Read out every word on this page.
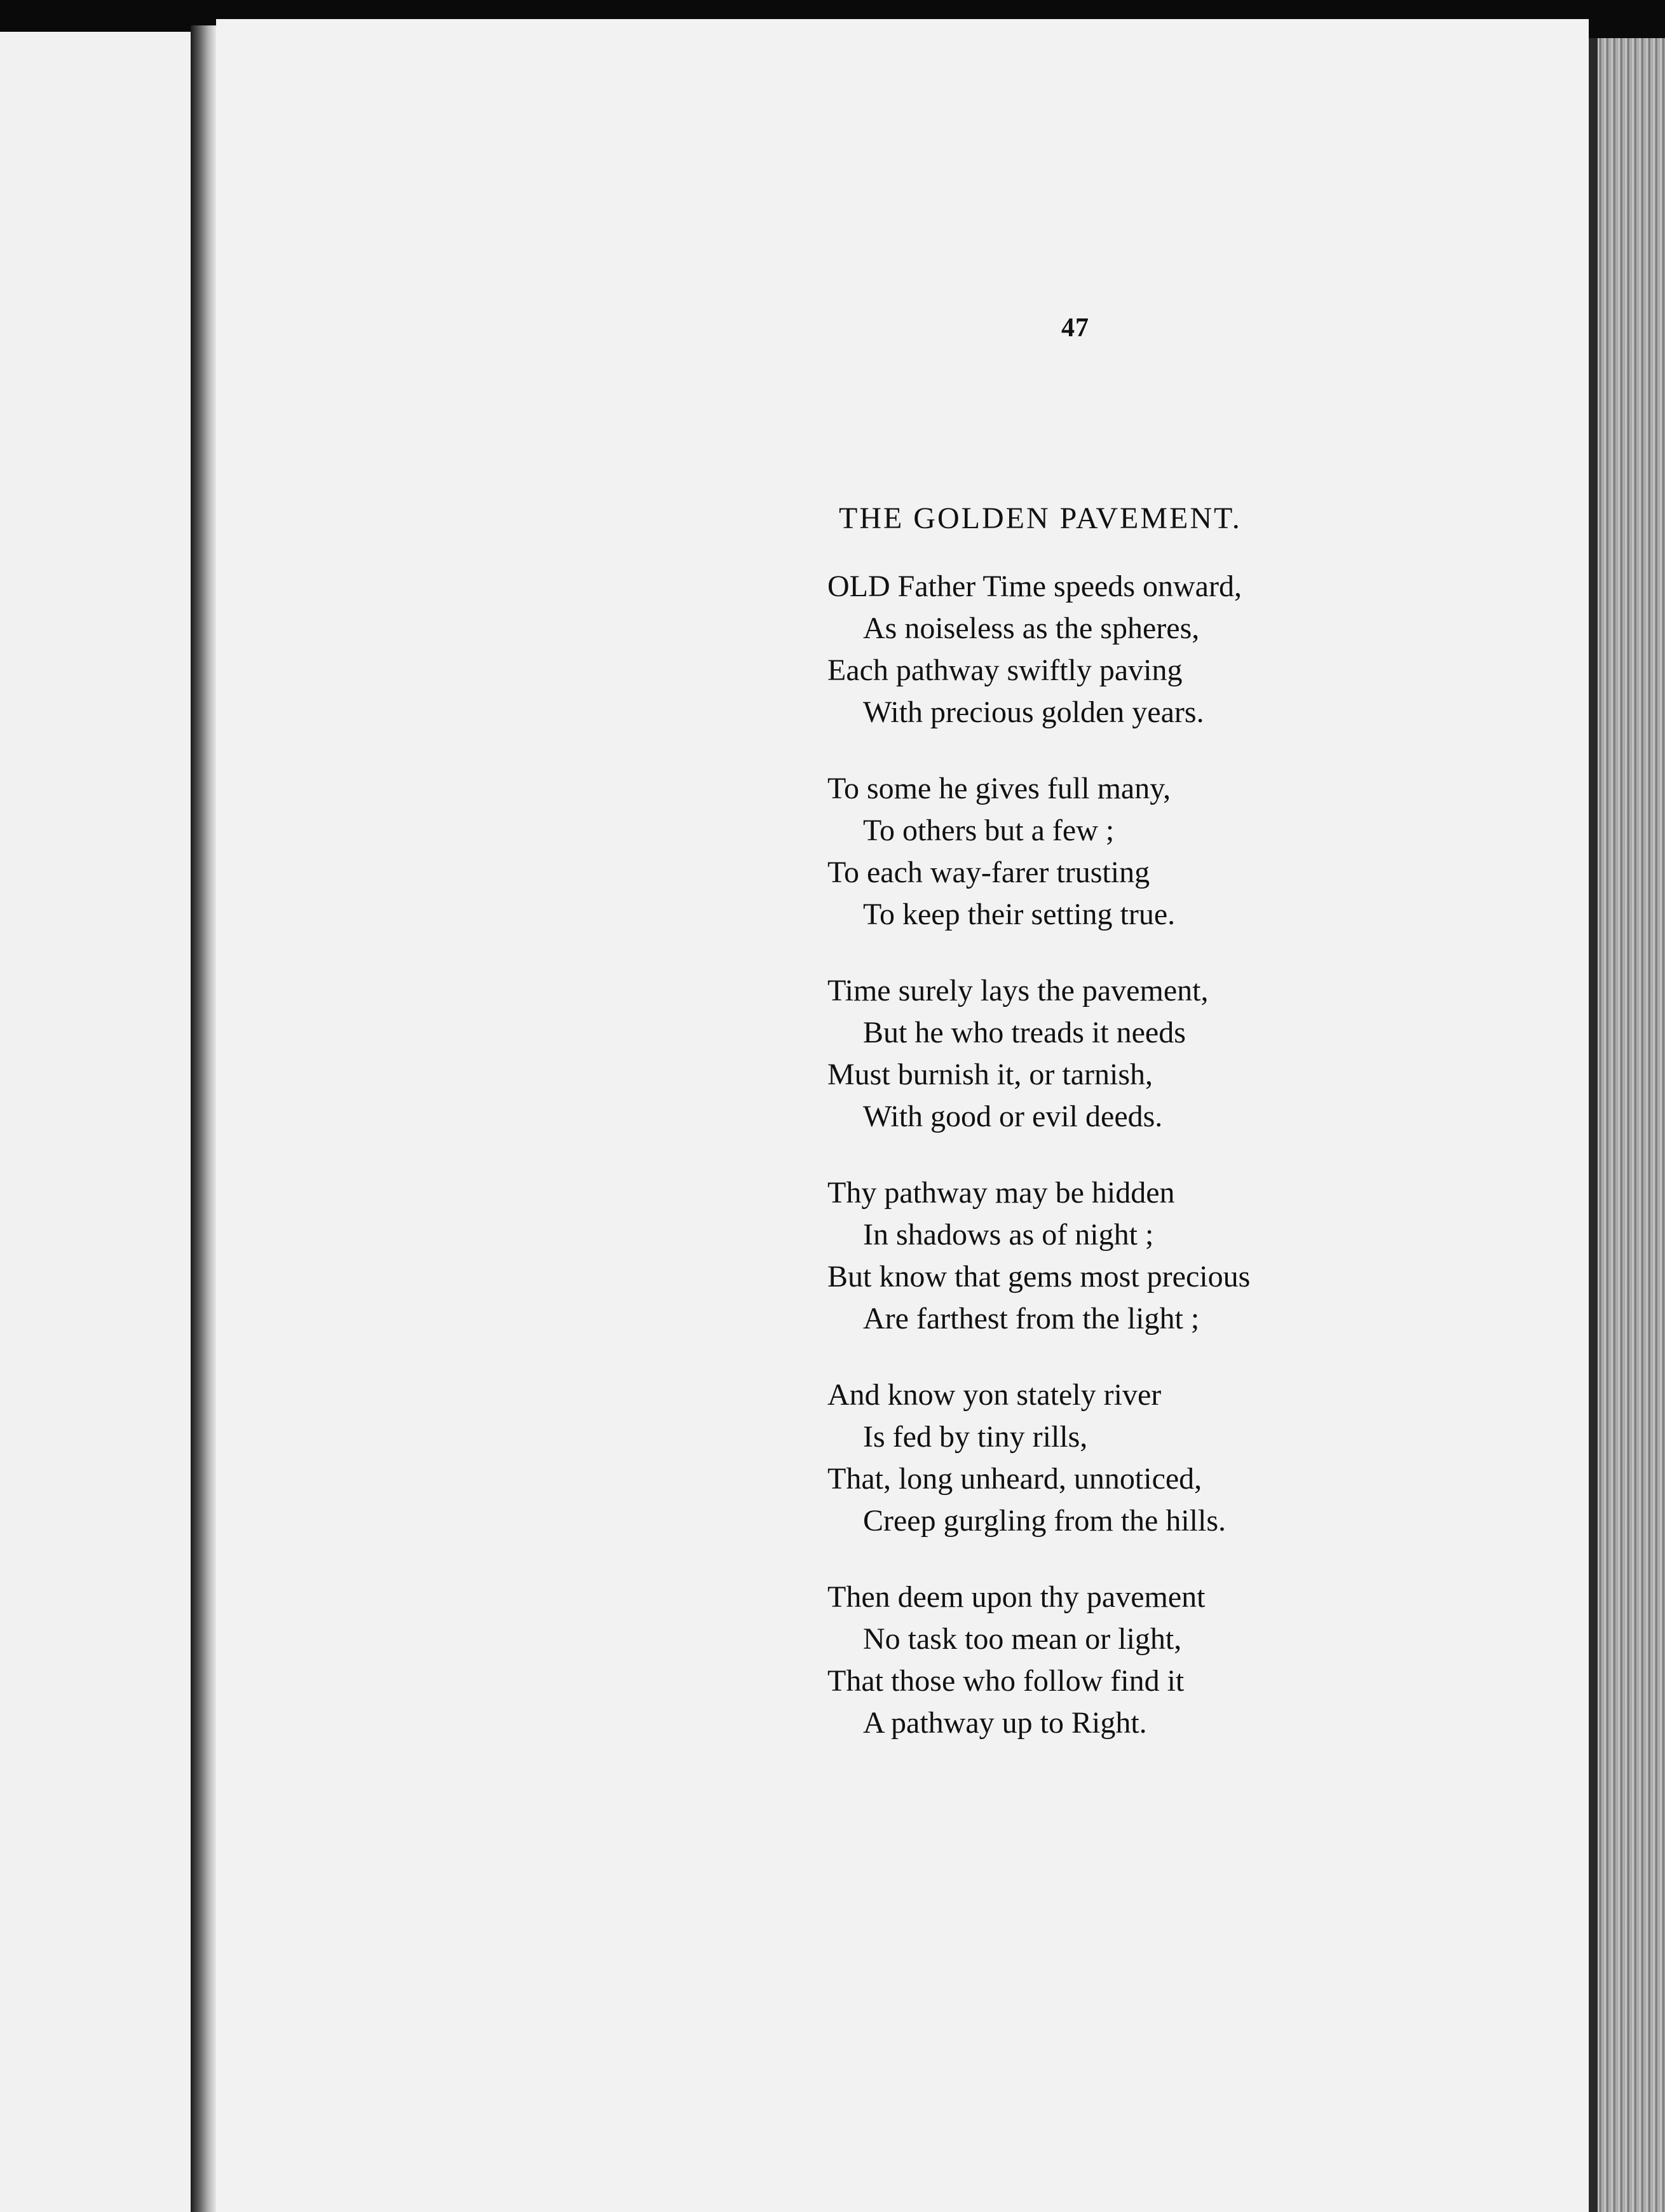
47
THE GOLDEN PAVEMENT.
OLD Father Time speeds onward,
As noiseless as the spheres,
Each pathway swiftly paving
With precious golden years.
To some he gives full many,
To others but a few ;
To each way-farer trusting
To keep their setting true.
Time surely lays the pavement,
But he who treads it needs
Must burnish it, or tarnish,
With good or evil deeds.
Thy pathway may be hidden
In shadows as of night ;
But know that gems most precious
Are farthest from the light ;
And know yon stately river
Is fed by tiny rills,
That, long unheard, unnoticed,
Creep gurgling from the hills.
Then deem upon thy pavement
No task too mean or light,
That those who follow find it
A pathway up to Right.
